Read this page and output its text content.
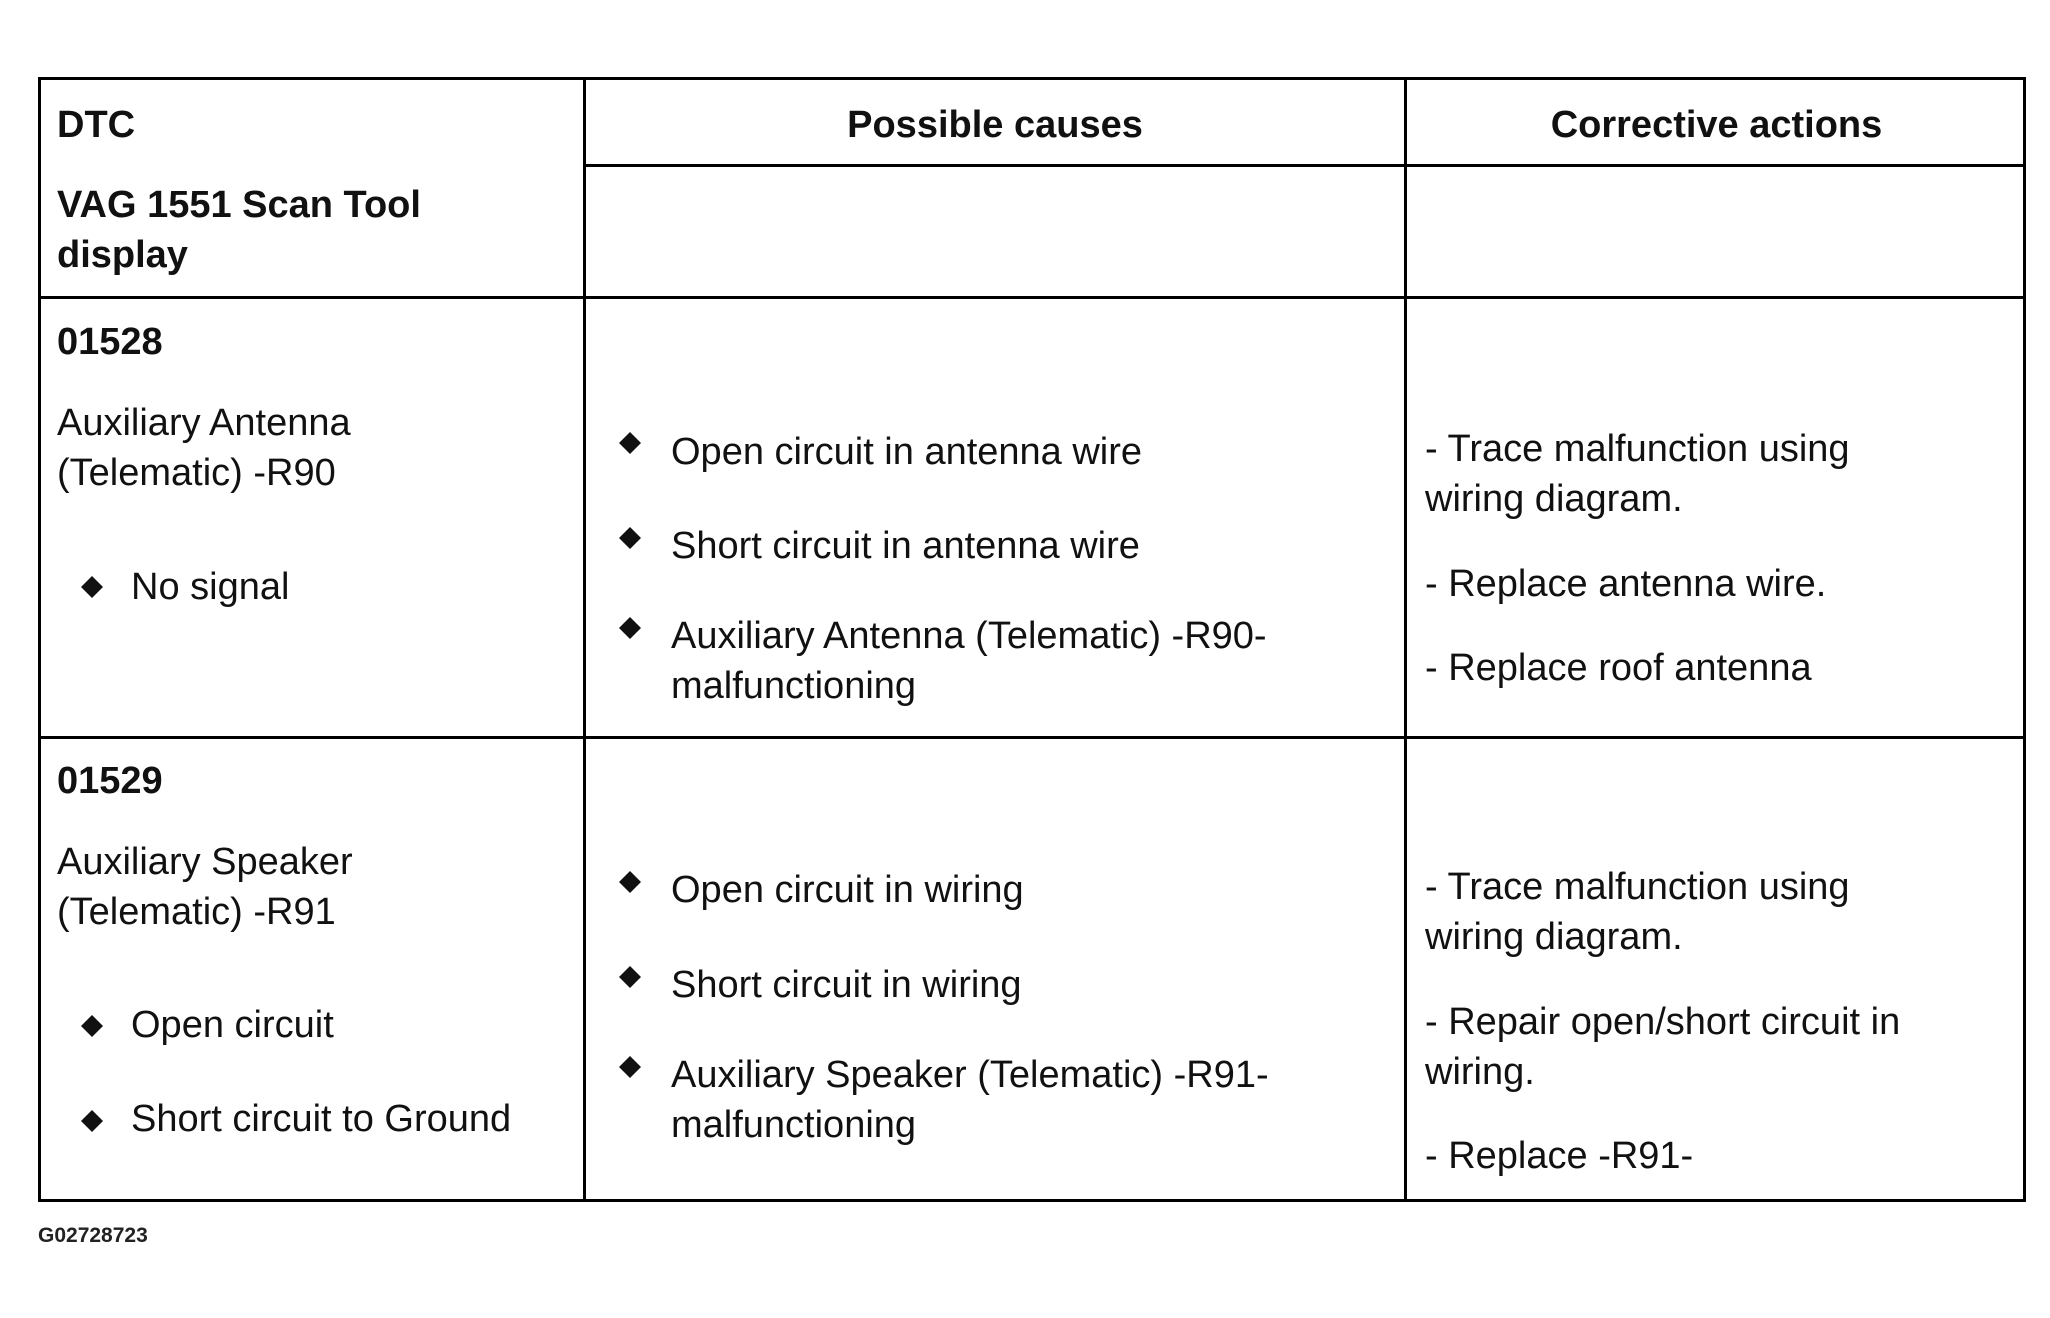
DTC
VAG 1551 Scan Tool
display
Possible causes	Corrective actions
01528
Auxiliary Antenna
(Telematic) -R90
No signal
Open circuit in antenna wire
Short circuit in antenna wire
Auxiliary Antenna (Telematic) -R90-
malfunctioning
- Trace malfunction using
wiring diagram.
- Replace antenna wire.
- Replace roof antenna
01529
Auxiliary Speaker
(Telematic) -R91
Open circuit
Short circuit to Ground
Open circuit in wiring
Short circuit in wiring
Auxiliary Speaker (Telematic) -R91-
malfunctioning
- Trace malfunction using
wiring diagram.
- Repair open/short circuit in
wiring.
- Replace -R91-
G02728723
